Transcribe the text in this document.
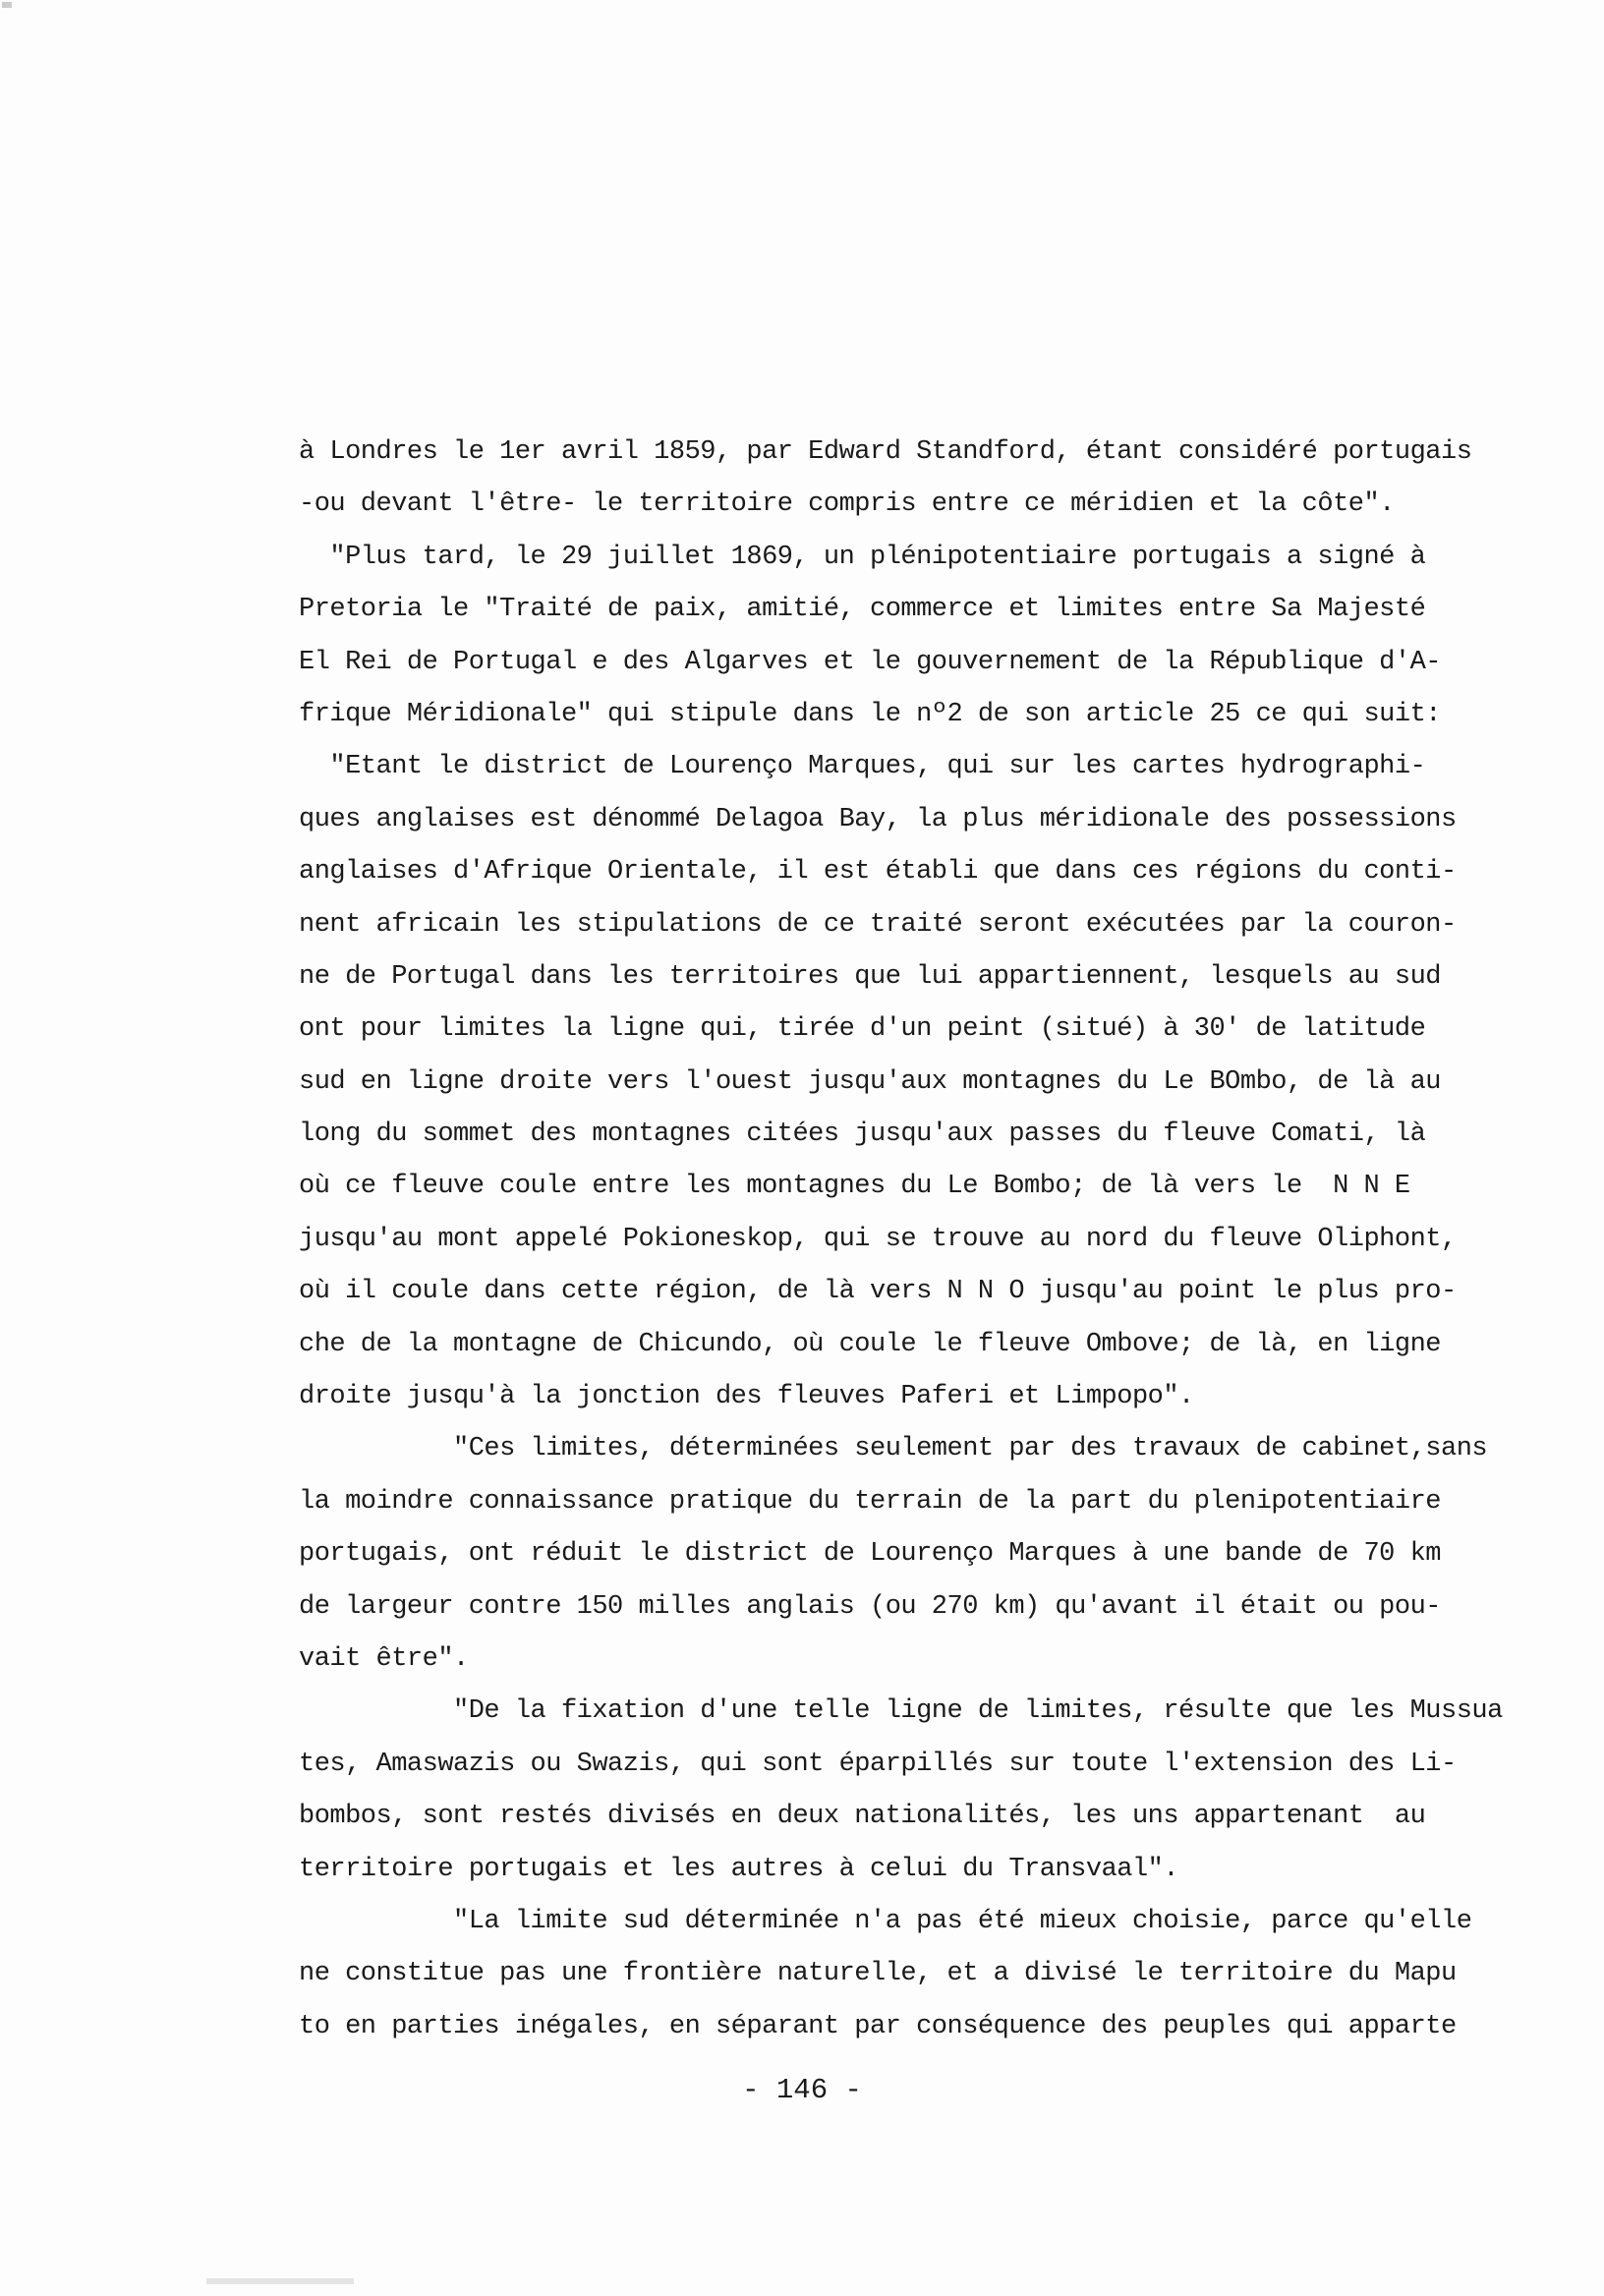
à Londres le 1er avril 1859, par Edward Standford, étant considéré portugais
-ou devant l'être- le territoire compris entre ce méridien et la côte".
"Plus tard, le 29 juillet 1869, un plénipotentiaire portugais a signé à
Pretoria le "Traité de paix, amitié, commerce et limites entre Sa Majesté
El Rei de Portugal e des Algarves et le gouvernement de la République d'A-
frique Méridionale" qui stipule dans le nº2 de son article 25 ce qui suit:
"Etant le district de Lourenço Marques, qui sur les cartes hydrographi-
ques anglaises est dénommé Delagoa Bay, la plus méridionale des possessions
anglaises d'Afrique Orientale, il est établi que dans ces régions du conti-
nent africain les stipulations de ce traité seront exécutées par la couron-
ne de Portugal dans les territoires que lui appartiennent, lesquels au sud
ont pour limites la ligne qui, tirée d'un peint (situé) à 30' de latitude
sud en ligne droite vers l'ouest jusqu'aux montagnes du Le BOmbo, de là au
long du sommet des montagnes citées jusqu'aux passes du fleuve Comati, là
où ce fleuve coule entre les montagnes du Le Bombo; de là vers le  N N E
jusqu'au mont appelé Pokioneskop, qui se trouve au nord du fleuve Oliphont,
où il coule dans cette région, de là vers N N O jusqu'au point le plus pro-
che de la montagne de Chicundo, où coule le fleuve Ombove; de là, en ligne
droite jusqu'à la jonction des fleuves Paferi et Limpopo".
"Ces limites, déterminées seulement par des travaux de cabinet,sans
la moindre connaissance pratique du terrain de la part du plenipotentiaire
portugais, ont réduit le district de Lourenço Marques à une bande de 70 km
de largeur contre 150 milles anglais (ou 270 km) qu'avant il était ou pou-
vait être".
"De la fixation d'une telle ligne de limites, résulte que les Mussua
tes, Amaswazis ou Swazis, qui sont éparpillés sur toute l'extension des Li-
bombos, sont restés divisés en deux nationalités, les uns appartenant  au
territoire portugais et les autres à celui du Transvaal".
"La limite sud déterminée n'a pas été mieux choisie, parce qu'elle
ne constitue pas une frontière naturelle, et a divisé le territoire du Mapu
to en parties inégales, en séparant par conséquence des peuples qui apparte
- 146 -
